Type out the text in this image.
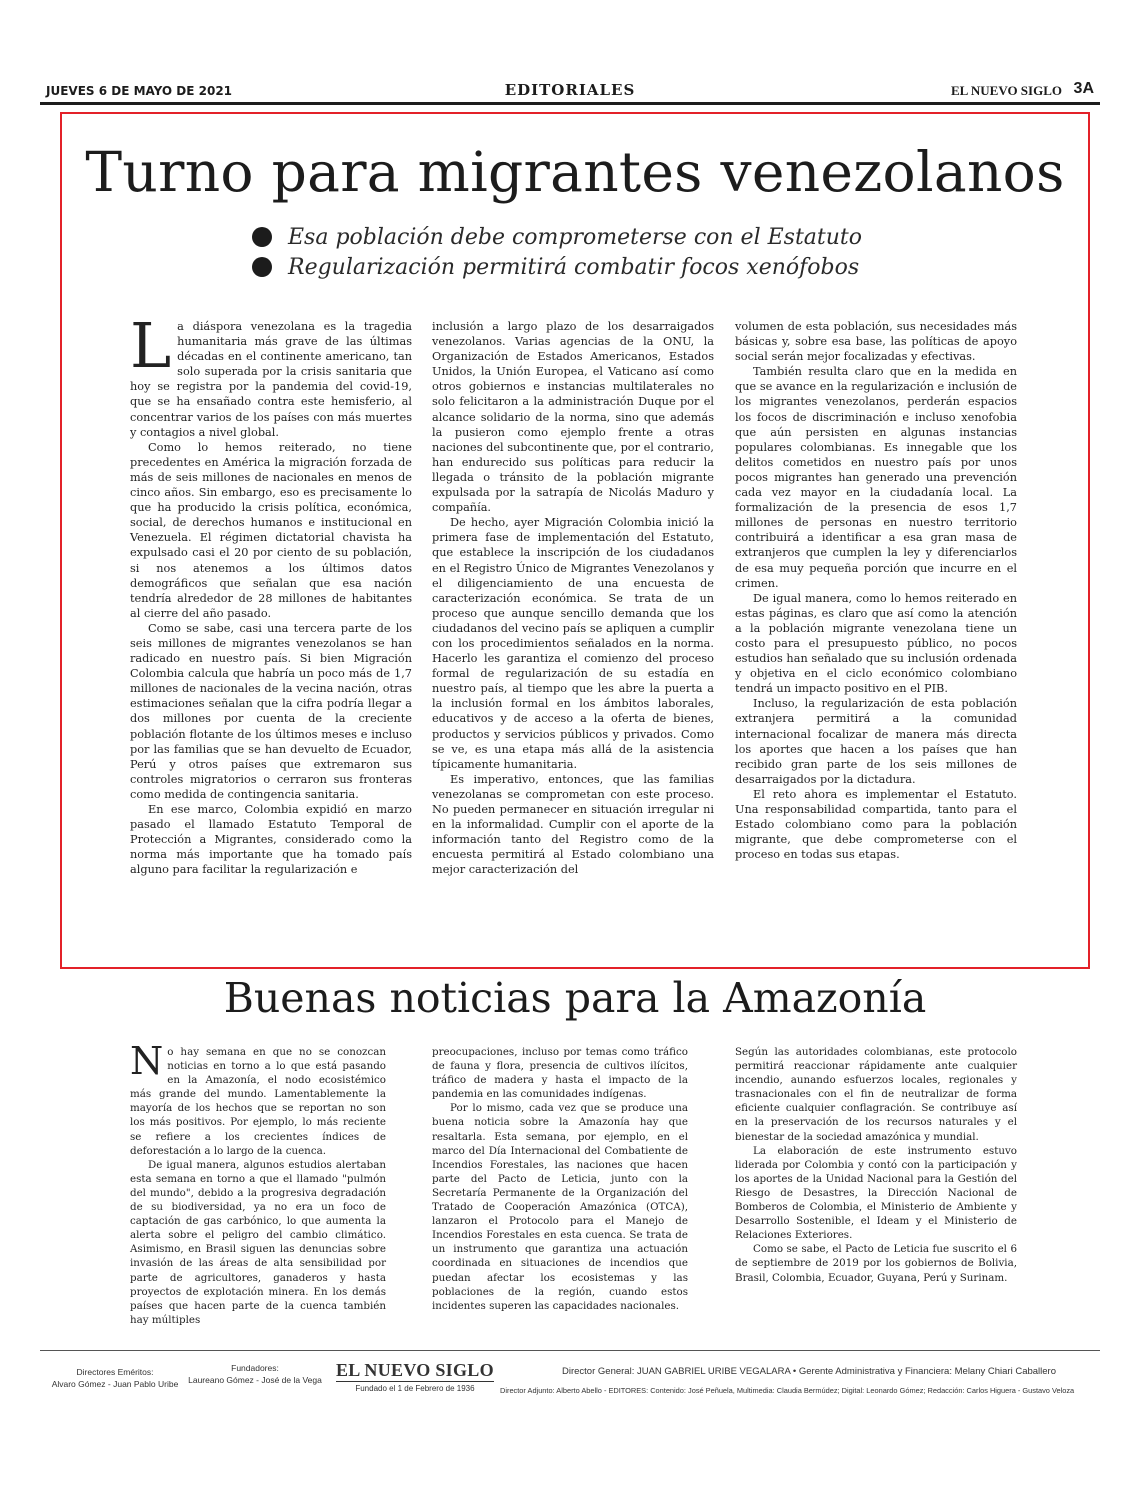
JUEVES 6 DE MAYO DE 2021	EDITORIALES	EL NUEVO SIGLO 3A
Turno para migrantes venezolanos
Esa población debe comprometerse con el Estatuto
Regularización permitirá combatir focos xenófobos

La diáspora venezolana es la tragedia humanitaria más grave de las últimas décadas en el continente americano, tan solo superada por la crisis sanitaria que hoy se registra por la pandemia del covid-19, que se ha ensañado contra este hemisferio, al concentrar varios de los países con más muertes y contagios a nivel global.

Como lo hemos reiterado, no tiene precedentes en América la migración forzada de más de seis millones de nacionales en menos de cinco años. Sin embargo, eso es precisamente lo que ha producido la crisis política, económica, social, de derechos humanos e institucional en Venezuela. El régimen dictatorial chavista ha expulsado casi el 20 por ciento de su población, si nos atenemos a los últimos datos demográficos que señalan que esa nación tendría alrededor de 28 millones de habitantes al cierre del año pasado.

Como se sabe, casi una tercera parte de los seis millones de migrantes venezolanos se han radicado en nuestro país. Si bien Migración Colombia calcula que habría un poco más de 1,7 millones de nacionales de la vecina nación, otras estimaciones señalan que la cifra podría llegar a dos millones por cuenta de la creciente población flotante de los últimos meses e incluso por las familias que se han devuelto de Ecuador, Perú y otros países que extremaron sus controles migratorios o cerraron sus fronteras como medida de contingencia sanitaria.

En ese marco, Colombia expidió en marzo pasado el llamado Estatuto Temporal de Protección a Migrantes, considerado como la norma más importante que ha tomado país alguno para facilitar la regularización e

inclusión a largo plazo de los desarraigados venezolanos. Varias agencias de la ONU, la Organización de Estados Americanos, Estados Unidos, la Unión Europea, el Vaticano así como otros gobiernos e instancias multilaterales no solo felicitaron a la administración Duque por el alcance solidario de la norma, sino que además la pusieron como ejemplo frente a otras naciones del subcontinente que, por el contrario, han endurecido sus políticas para reducir la llegada o tránsito de la población migrante expulsada por la satrapía de Nicolás Maduro y compañía.

De hecho, ayer Migración Colombia inició la primera fase de implementación del Estatuto, que establece la inscripción de los ciudadanos en el Registro Único de Migrantes Venezolanos y el diligenciamiento de una encuesta de caracterización económica. Se trata de un proceso que aunque sencillo demanda que los ciudadanos del vecino país se apliquen a cumplir con los procedimientos señalados en la norma. Hacerlo les garantiza el comienzo del proceso formal de regularización de su estadía en nuestro país, al tiempo que les abre la puerta a la inclusión formal en los ámbitos laborales, educativos y de acceso a la oferta de bienes, productos y servicios públicos y privados. Como se ve, es una etapa más allá de la asistencia típicamente humanitaria.

Es imperativo, entonces, que las familias venezolanas se comprometan con este proceso. No pueden permanecer en situación irregular ni en la informalidad. Cumplir con el aporte de la información tanto del Registro como de la encuesta permitirá al Estado colombiano una mejor caracterización del

volumen de esta población, sus necesidades más básicas y, sobre esa base, las políticas de apoyo social serán mejor focalizadas y efectivas.

También resulta claro que en la medida en que se avance en la regularización e inclusión de los migrantes venezolanos, perderán espacios los focos de discriminación e incluso xenofobia que aún persisten en algunas instancias populares colombianas. Es innegable que los delitos cometidos en nuestro país por unos pocos migrantes han generado una prevención cada vez mayor en la ciudadanía local. La formalización de la presencia de esos 1,7 millones de personas en nuestro territorio contribuirá a identificar a esa gran masa de extranjeros que cumplen la ley y diferenciarlos de esa muy pequeña porción que incurre en el crimen.

De igual manera, como lo hemos reiterado en estas páginas, es claro que así como la atención a la población migrante venezolana tiene un costo para el presupuesto público, no pocos estudios han señalado que su inclusión ordenada y objetiva en el ciclo económico colombiano tendrá un impacto positivo en el PIB.

Incluso, la regularización de esta población extranjera permitirá a la comunidad internacional focalizar de manera más directa los aportes que hacen a los países que han recibido gran parte de los seis millones de desarraigados por la dictadura.

El reto ahora es implementar el Estatuto. Una responsabilidad compartida, tanto para el Estado colombiano como para la población migrante, que debe comprometerse con el proceso en todas sus etapas.

Buenas noticias para la Amazonía

No hay semana en que no se conozcan noticias en torno a lo que está pasando en la Amazonía, el nodo ecosistémico más grande del mundo. Lamentablemente la mayoría de los hechos que se reportan no son los más positivos. Por ejemplo, lo más reciente se refiere a los crecientes índices de deforestación a lo largo de la cuenca.

De igual manera, algunos estudios alertaban esta semana en torno a que el llamado "pulmón del mundo", debido a la progresiva degradación de su biodiversidad, ya no era un foco de captación de gas carbónico, lo que aumenta la alerta sobre el peligro del cambio climático. Asimismo, en Brasil siguen las denuncias sobre invasión de las áreas de alta sensibilidad por parte de agricultores, ganaderos y hasta proyectos de explotación minera. En los demás países que hacen parte de la cuenca también hay múltiples

preocupaciones, incluso por temas como tráfico de fauna y flora, presencia de cultivos ilícitos, tráfico de madera y hasta el impacto de la pandemia en las comunidades indígenas.

Por lo mismo, cada vez que se produce una buena noticia sobre la Amazonía hay que resaltarla. Esta semana, por ejemplo, en el marco del Día Internacional del Combatiente de Incendios Forestales, las naciones que hacen parte del Pacto de Leticia, junto con la Secretaría Permanente de la Organización del Tratado de Cooperación Amazónica (OTCA), lanzaron el Protocolo para el Manejo de Incendios Forestales en esta cuenca. Se trata de un instrumento que garantiza una actuación coordinada en situaciones de incendios que puedan afectar los ecosistemas y las poblaciones de la región, cuando estos incidentes superen las capacidades nacionales.

Según las autoridades colombianas, este protocolo permitirá reaccionar rápidamente ante cualquier incendio, aunando esfuerzos locales, regionales y trasnacionales con el fin de neutralizar de forma eficiente cualquier conflagración. Se contribuye así en la preservación de los recursos naturales y el bienestar de la sociedad amazónica y mundial.

La elaboración de este instrumento estuvo liderada por Colombia y contó con la participación y los aportes de la Unidad Nacional para la Gestión del Riesgo de Desastres, la Dirección Nacional de Bomberos de Colombia, el Ministerio de Ambiente y Desarrollo Sostenible, el Ideam y el Ministerio de Relaciones Exteriores.

Como se sabe, el Pacto de Leticia fue suscrito el 6 de septiembre de 2019 por los gobiernos de Bolivia, Brasil, Colombia, Ecuador, Guyana, Perú y Surinam.

Directores Eméritos:
Alvaro Gómez - Juan Pablo Uribe
Fundadores:
Laureano Gómez - José de la Vega EL NUEVO SIGLO
Fundado el 1 de Febrero de 1936
Director General: JUAN GABRIEL URIBE VEGALARA • Gerente Administrativa y Financiera: Melany Chiari Caballero
Director Adjunto: Alberto Abello - EDITORES: Contenido: José Peñuela, Multimedia: Claudia Bermúdez; Digital: Leonardo Gómez; Redacción: Carlos Higuera - Gustavo Veloza
